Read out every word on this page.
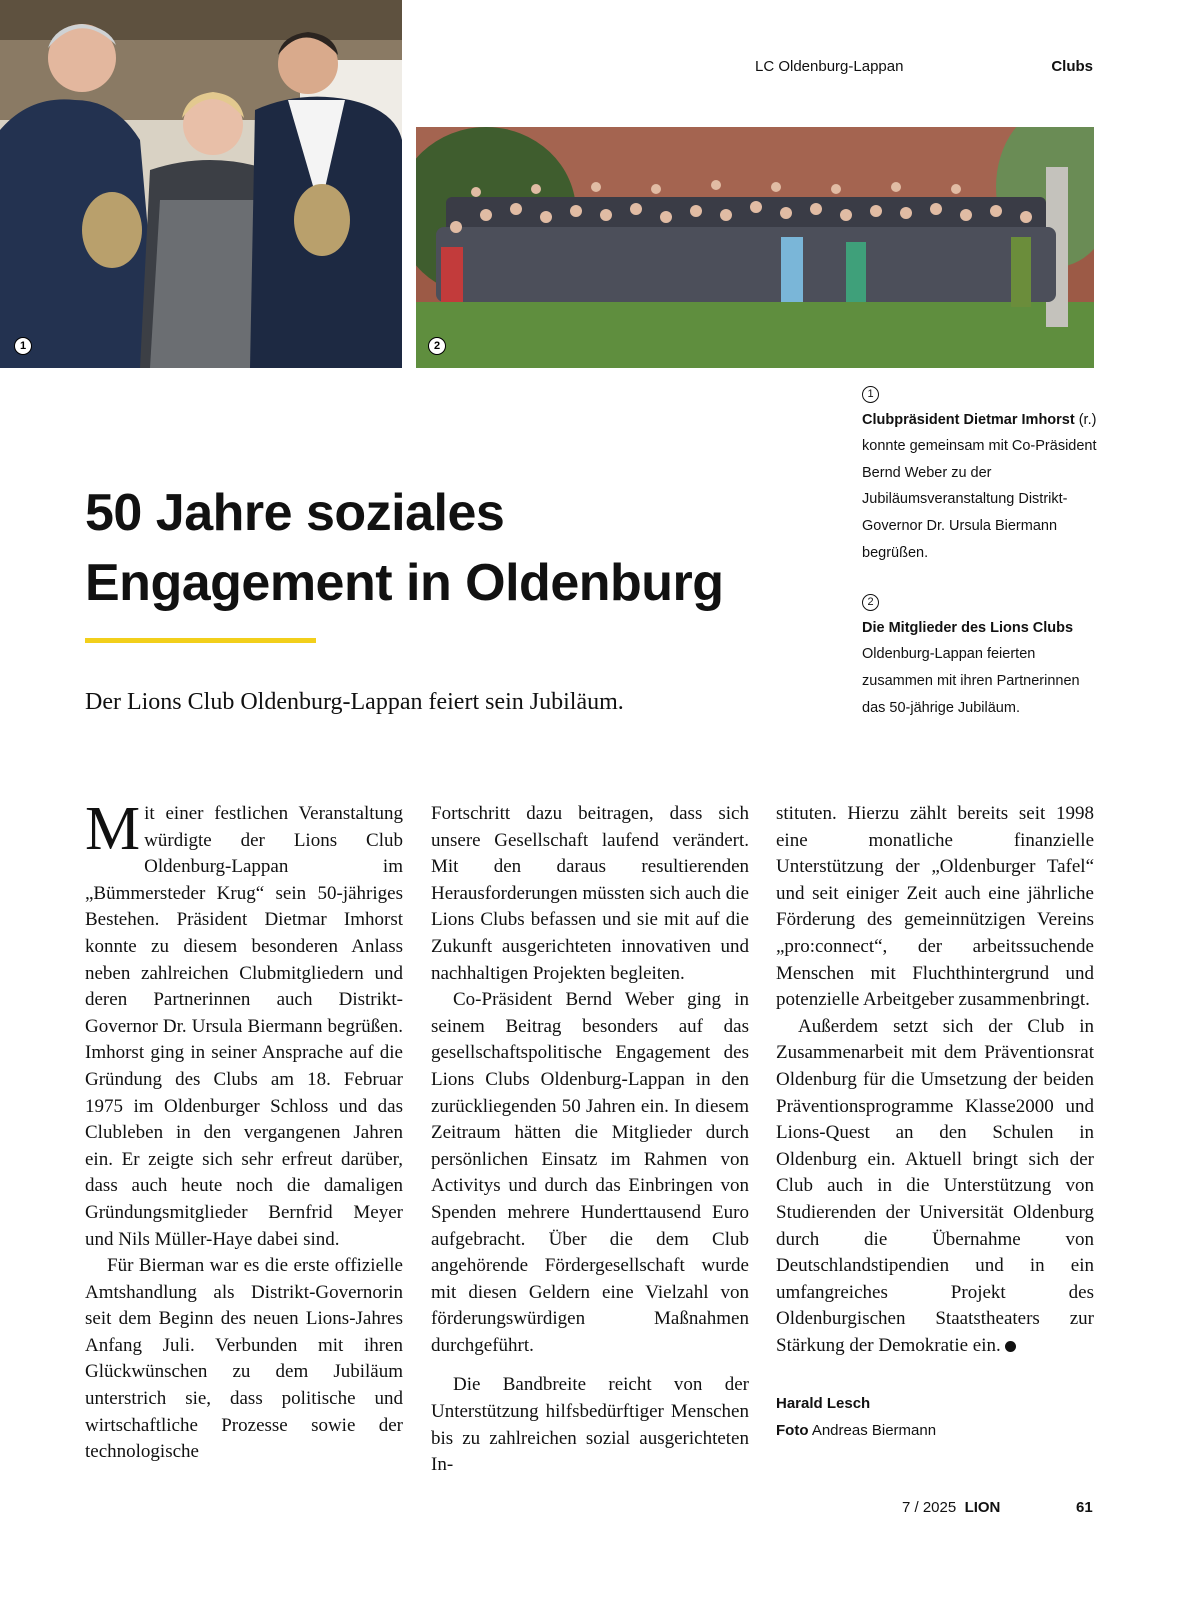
LC Oldenburg-Lappan	Clubs
1	2
1
Clubpräsident Dietmar Imhorst (r.) konnte gemeinsam mit Co-Präsident Bernd Weber zu der Jubiläumsveranstaltung Distrikt-Governor Dr. Ursula Biermann begrüßen.
2
Die Mitglieder des Lions Clubs Oldenburg-Lappan feierten zusammen mit ihren Partnerinnen das 50-jährige Jubiläum.
50 Jahre soziales
Engagement in Oldenburg
Der Lions Club Oldenburg-Lappan feiert sein Jubiläum.

Mit einer festlichen Veranstaltung würdigte der Lions Club Oldenburg-Lappan im „Bümmersteder Krug“ sein 50-jähriges Bestehen. Präsident Dietmar Imhorst konnte zu diesem besonderen Anlass neben zahlreichen Clubmitgliedern und deren Partnerinnen auch Distrikt-Governor Dr. Ursula Biermann begrüßen. Imhorst ging in seiner Ansprache auf die Gründung des Clubs am 18. Februar 1975 im Oldenburger Schloss und das Clubleben in den vergangenen Jahren ein. Er zeigte sich sehr erfreut darüber, dass auch heute noch die damaligen Gründungsmitglieder Bernfrid Meyer und Nils Müller-Haye dabei sind.

Für Bierman war es die erste offizielle Amtshandlung als Distrikt-Governorin seit dem Beginn des neuen Lions-Jahres Anfang Juli. Verbunden mit ihren Glückwünschen zu dem Jubiläum unterstrich sie, dass politische und wirtschaftliche Prozesse sowie der technologische

Fortschritt dazu beitragen, dass sich unsere Gesellschaft laufend verändert. Mit den daraus resultierenden Herausforderungen müssten sich auch die Lions Clubs befassen und sie mit auf die Zukunft ausgerichteten innovativen und nachhaltigen Projekten begleiten.

Co-Präsident Bernd Weber ging in seinem Beitrag besonders auf das gesellschaftspolitische Engagement des Lions Clubs Oldenburg-Lappan in den zurückliegenden 50 Jahren ein. In diesem Zeitraum hätten die Mitglieder durch persönlichen Einsatz im Rahmen von Activitys und durch das Einbringen von Spenden mehrere Hunderttausend Euro aufgebracht. Über die dem Club angehörende Fördergesellschaft wurde mit diesen Geldern eine Vielzahl von förderungswürdigen Maßnahmen durchgeführt.

Die Bandbreite reicht von der Unterstützung hilfsbedürftiger Menschen bis zu zahlreichen sozial ausgerichteten In-

stituten. Hierzu zählt bereits seit 1998 eine monatliche finanzielle Unterstützung der „Oldenburger Tafel“ und seit einiger Zeit auch eine jährliche Förderung des gemeinnützigen Vereins „pro:connect“, der arbeitssuchende Menschen mit Fluchthintergrund und potenzielle Arbeitgeber zusammenbringt.

Außerdem setzt sich der Club in Zusammenarbeit mit dem Präventionsrat Oldenburg für die Umsetzung der beiden Präventionsprogramme Klasse2000 und Lions-Quest an den Schulen in Oldenburg ein. Aktuell bringt sich der Club auch in die Unterstützung von Studierenden der Universität Oldenburg durch die Übernahme von Deutschlandstipendien und in ein umfangreiches Projekt des Oldenburgischen Staatstheaters zur Stärkung der Demokratie ein.

Harald Lesch
Foto Andreas Biermann
7 / 2025 LION	61
